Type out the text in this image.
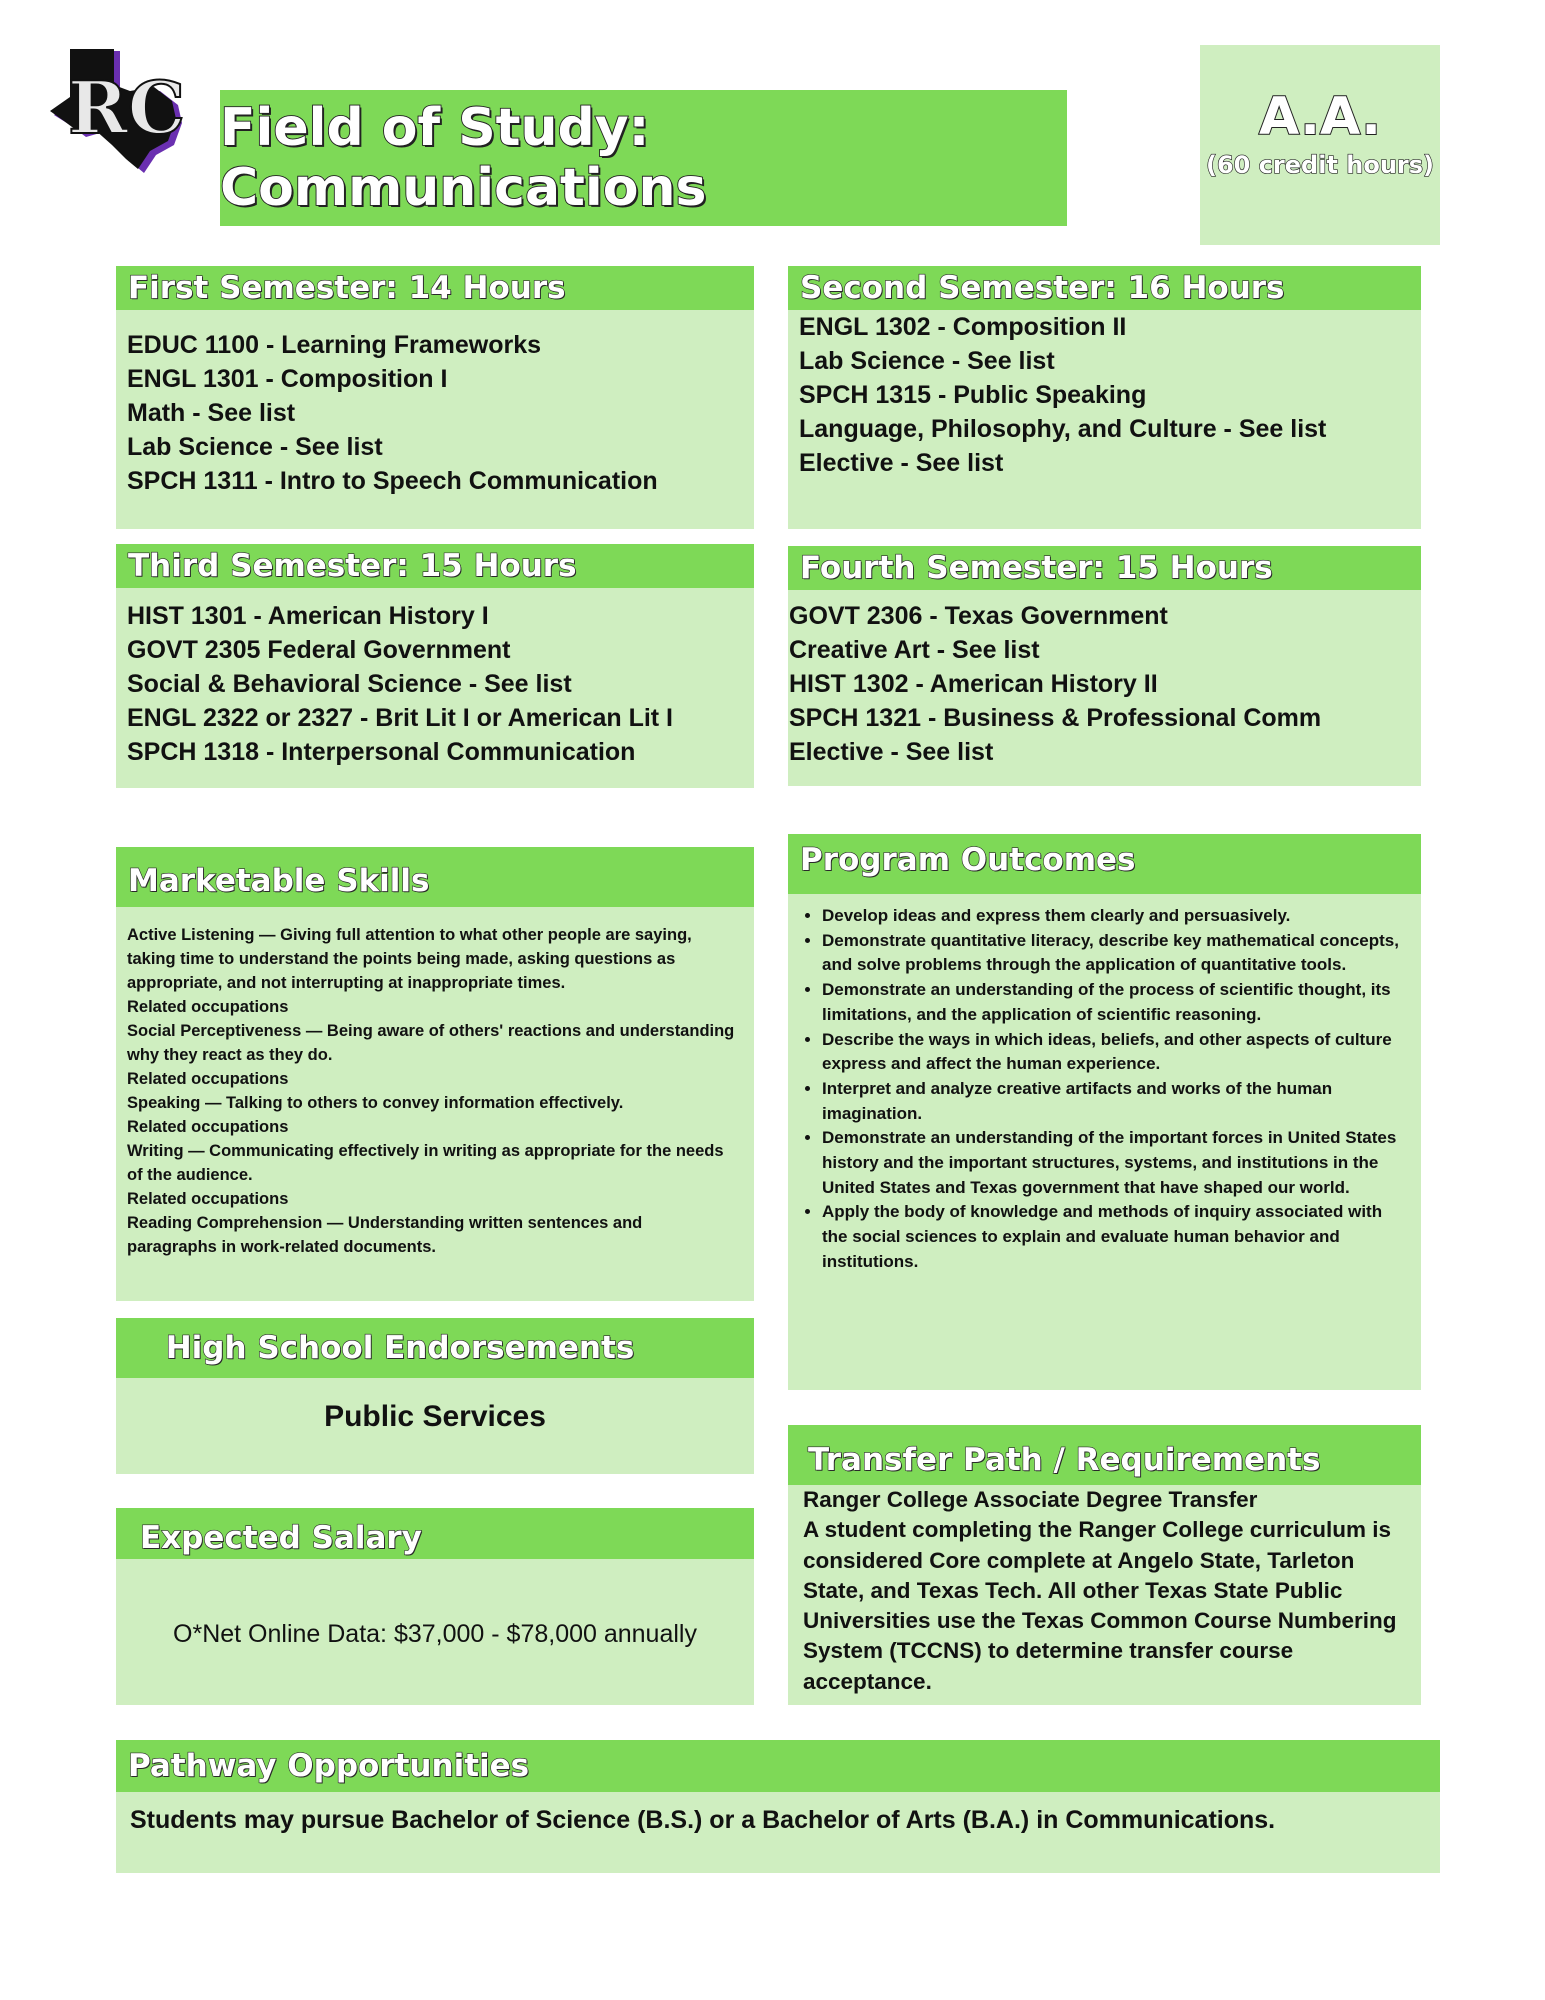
RC Field of Study: Communications
A.A.
(60 credit hours)
First Semester: 14 Hours
EDUC 1100 - Learning Frameworks
ENGL 1301 - Composition I
Math - See list
Lab Science - See list
SPCH 1311 - Intro to Speech Communication
Second Semester: 16 Hours
ENGL 1302 - Composition II
Lab Science - See list
SPCH 1315 - Public Speaking
Language, Philosophy, and Culture - See list
Elective - See list
Third Semester: 15 Hours
HIST 1301 - American History I
GOVT 2305 Federal Government
Social & Behavioral Science - See list
ENGL 2322 or 2327 - Brit Lit I or American Lit I
SPCH 1318 - Interpersonal Communication
Fourth Semester: 15 Hours
GOVT 2306 - Texas Government
Creative Art - See list
HIST 1302 - American History II
SPCH 1321 - Business & Professional Comm
Elective - See list
Marketable Skills
Active Listening — Giving full attention to what other people are saying, taking time to understand the points being made, asking questions as appropriate, and not interrupting at inappropriate times.
Related occupations
Social Perceptiveness — Being aware of others' reactions and understanding why they react as they do.
Related occupations
Speaking — Talking to others to convey information effectively.
Related occupations
Writing — Communicating effectively in writing as appropriate for the needs of the audience.
Related occupations
Reading Comprehension — Understanding written sentences and paragraphs in work-related documents.
Program Outcomes
• Develop ideas and express them clearly and persuasively.
• Demonstrate quantitative literacy, describe key mathematical concepts, and solve problems through the application of quantitative tools.
• Demonstrate an understanding of the process of scientific thought, its limitations, and the application of scientific reasoning.
• Describe the ways in which ideas, beliefs, and other aspects of culture express and affect the human experience.
• Interpret and analyze creative artifacts and works of the human imagination.
• Demonstrate an understanding of the important forces in United States history and the important structures, systems, and institutions in the United States and Texas government that have shaped our world.
• Apply the body of knowledge and methods of inquiry associated with the social sciences to explain and evaluate human behavior and institutions.
High School Endorsements
Public Services
Transfer Path / Requirements
Ranger College Associate Degree Transfer
A student completing the Ranger College curriculum is considered Core complete at Angelo State, Tarleton State, and Texas Tech. All other Texas State Public Universities use the Texas Common Course Numbering System (TCCNS) to determine transfer course acceptance.
Expected Salary
O*Net Online Data: $37,000 - $78,000 annually
Pathway Opportunities
Students may pursue Bachelor of Science (B.S.) or a Bachelor of Arts (B.A.) in Communications.
